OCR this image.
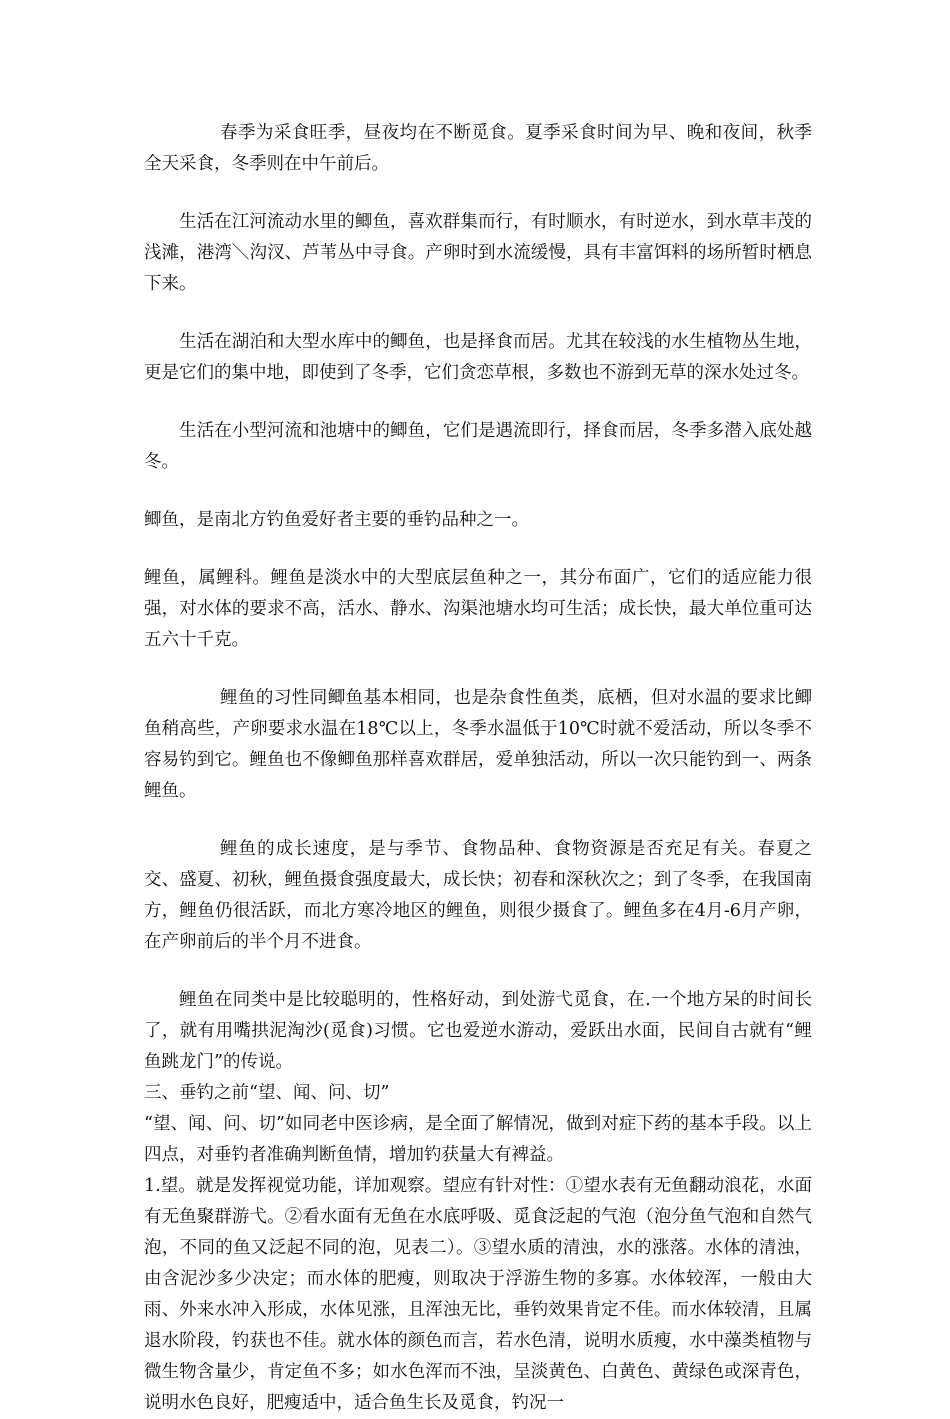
春季为采食旺季，昼夜均在不断觅食。夏季采食时间为早、晚和夜间，秋季全天采食，冬季则在中午前后。

生活在江河流动水里的鲫鱼，喜欢群集而行，有时顺水，有时逆水，到水草丰茂的浅滩，港湾＼沟汊、芦苇丛中寻食。产卵时到水流缓慢，具有丰富饵料的场所暂时栖息下来。

生活在湖泊和大型水库中的鲫鱼，也是择食而居。尤其在较浅的水生植物丛生地，更是它们的集中地，即使到了冬季，它们贪恋草根，多数也不游到无草的深水处过冬。

生活在小型河流和池塘中的鲫鱼，它们是遇流即行，择食而居，冬季多潜入底处越冬。

鲫鱼，是南北方钓鱼爱好者主要的垂钓品种之一。

鲤鱼，属鲤科。鲤鱼是淡水中的大型底层鱼种之一，其分布面广，它们的适应能力很强，对水体的要求不高，活水、静水、沟渠池塘水均可生活；成长快，最大单位重可达五六十千克。

鲤鱼的习性同鲫鱼基本相同，也是杂食性鱼类，底栖，但对水温的要求比鲫鱼稍高些，产卵要求水温在18℃以上，冬季水温低于10℃时就不爱活动，所以冬季不容易钓到它。鲤鱼也不像鲫鱼那样喜欢群居，爱单独活动，所以一次只能钓到一、两条鲤鱼。

鲤鱼的成长速度，是与季节、食物品种、食物资源是否充足有关。春夏之交、盛夏、初秋，鲤鱼摄食强度最大，成长快；初春和深秋次之；到了冬季，在我国南方，鲤鱼仍很活跃，而北方寒冷地区的鲤鱼，则很少摄食了。鲤鱼多在4月-6月产卵，在产卵前后的半个月不进食。

鲤鱼在同类中是比较聪明的，性格好动，到处游弋觅食，在.一个地方呆的时间长了，就有用嘴拱泥淘沙(觅食)习惯。它也爱逆水游动，爱跃出水面，民间自古就有“鲤鱼跳龙门”的传说。

三、垂钓之前“望、闻、问、切”

“望、闻、问、切”如同老中医诊病，是全面了解情况，做到对症下药的基本手段。以上四点，对垂钓者准确判断鱼情，增加钓获量大有裨益。

1.望。就是发挥视觉功能，详加观察。望应有针对性：①望水表有无鱼翻动浪花，水面有无鱼聚群游弋。②看水面有无鱼在水底呼吸、觅食泛起的气泡（泡分鱼气泡和自然气泡，不同的鱼又泛起不同的泡，见表二）。③望水质的清浊，水的涨落。水体的清浊，由含泥沙多少决定；而水体的肥瘦，则取决于浮游生物的多寡。水体较浑，一般由大雨、外来水冲入形成，水体见涨，且浑浊无比，垂钓效果肯定不佳。而水体较清，且属退水阶段，钓获也不佳。就水体的颜色而言，若水色清，说明水质瘦，水中藻类植物与微生物含量少，肯定鱼不多；如水色浑而不浊，呈淡黄色、白黄色、黄绿色或深青色，说明水色良好，肥瘦适中，适合鱼生长及觅食，钓况一
